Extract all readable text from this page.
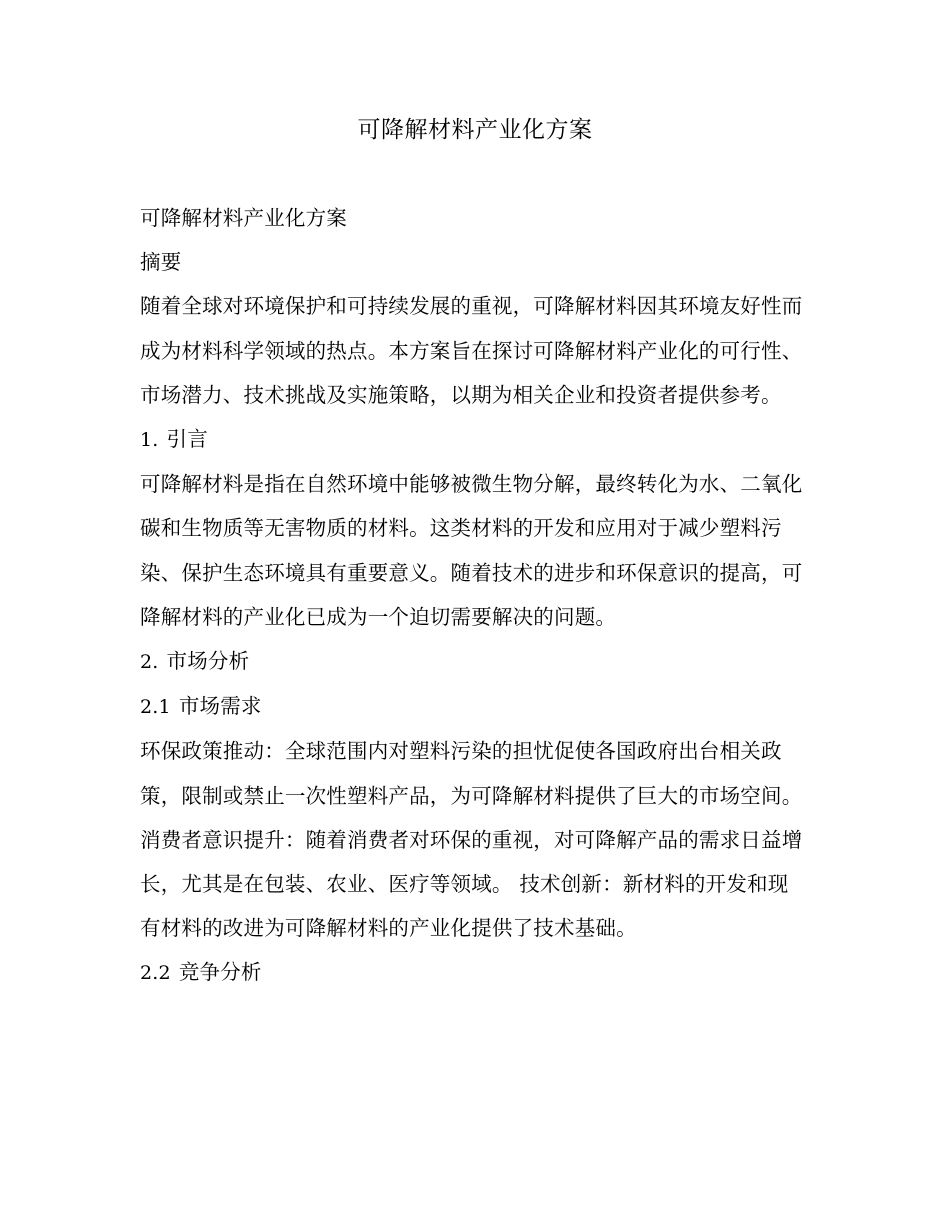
可降解材料产业化方案

可降解材料产业化方案

摘要

随着全球对环境保护和可持续发展的重视，可降解材料因其环境友好性而成为材料科学领域的热点。本方案旨在探讨可降解材料产业化的可行性、市场潜力、技术挑战及实施策略，以期为相关企业和投资者提供参考。

1. 引言

可降解材料是指在自然环境中能够被微生物分解，最终转化为水、二氧化碳和生物质等无害物质的材料。这类材料的开发和应用对于减少塑料污染、保护生态环境具有重要意义。随着技术的进步和环保意识的提高，可降解材料的产业化已成为一个迫切需要解决的问题。

2. 市场分析
2.1 市场需求

环保政策推动：全球范围内对塑料污染的担忧促使各国政府出台相关政策，限制或禁止一次性塑料产品，为可降解材料提供了巨大的市场空间。 消费者意识提升：随着消费者对环保的重视，对可降解产品的需求日益增长，尤其是在包装、农业、医疗等领域。 技术创新：新材料的开发和现有材料的改进为可降解材料的产业化提供了技术基础。

2.2 竞争分析
